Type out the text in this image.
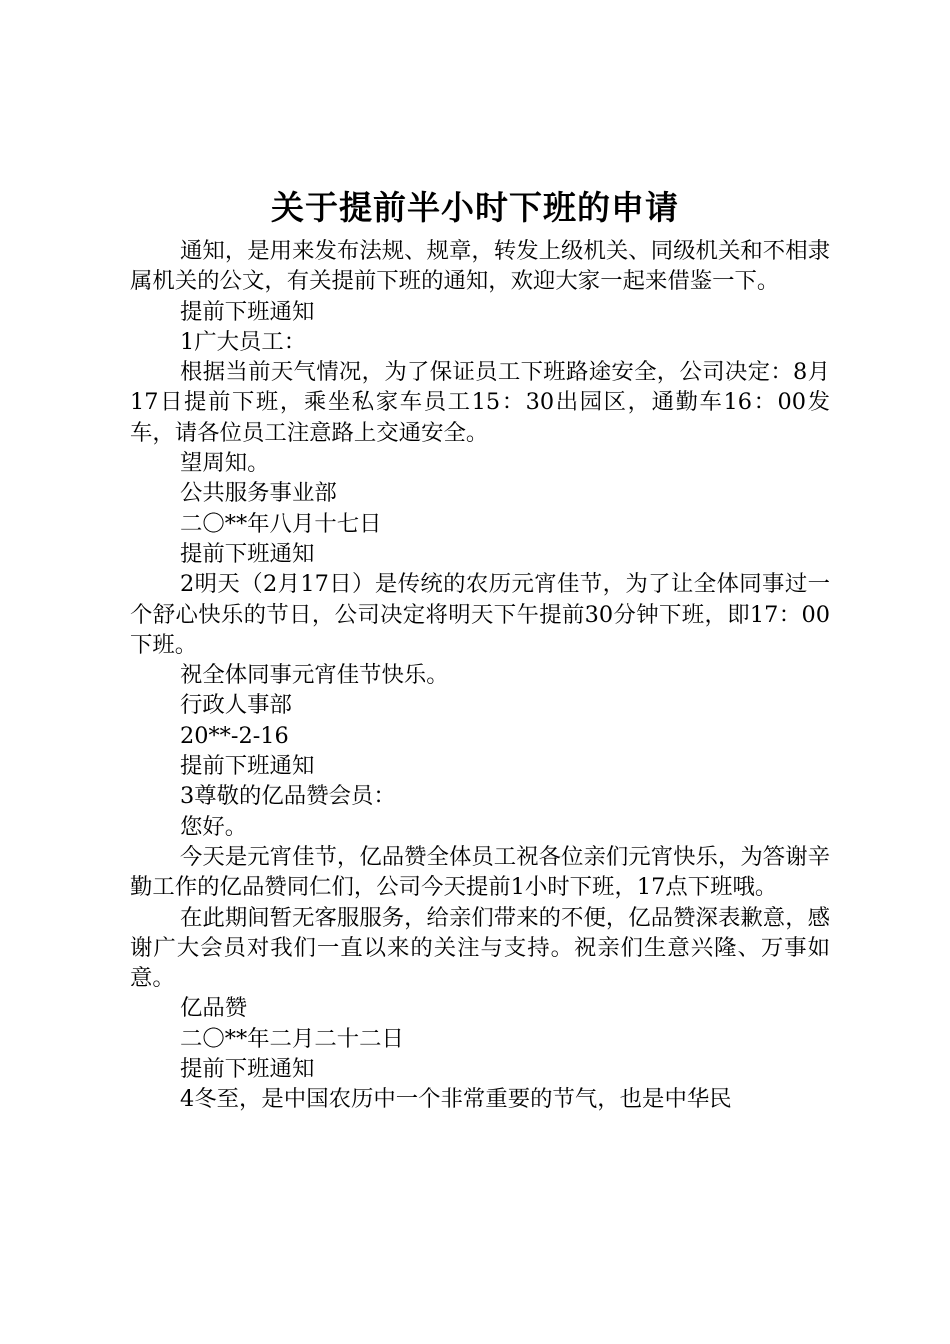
关于提前半小时下班的申请

通知，是用来发布法规、规章，转发上级机关、同级机关和不相隶属机关的公文，有关提前下班的通知，欢迎大家一起来借鉴一下。

提前下班通知

1广大员工：

根据当前天气情况，为了保证员工下班路途安全，公司决定：8月17日提前下班，乘坐私家车员工15：30出园区，通勤车16：00发车，请各位员工注意路上交通安全。

望周知。

公共服务事业部

二〇**年八月十七日

提前下班通知

2明天（2月17日）是传统的农历元宵佳节，为了让全体同事过一个舒心快乐的节日，公司决定将明天下午提前30分钟下班，即17：00下班。

祝全体同事元宵佳节快乐。

行政人事部

20**-2-16

提前下班通知

3尊敬的亿品赞会员：

您好。

今天是元宵佳节，亿品赞全体员工祝各位亲们元宵快乐，为答谢辛勤工作的亿品赞同仁们，公司今天提前1小时下班，17点下班哦。

在此期间暂无客服服务，给亲们带来的不便，亿品赞深表歉意，感谢广大会员对我们一直以来的关注与支持。祝亲们生意兴隆、万事如意。

亿品赞

二〇**年二月二十二日

提前下班通知

4冬至，是中国农历中一个非常重要的节气，也是中华民
